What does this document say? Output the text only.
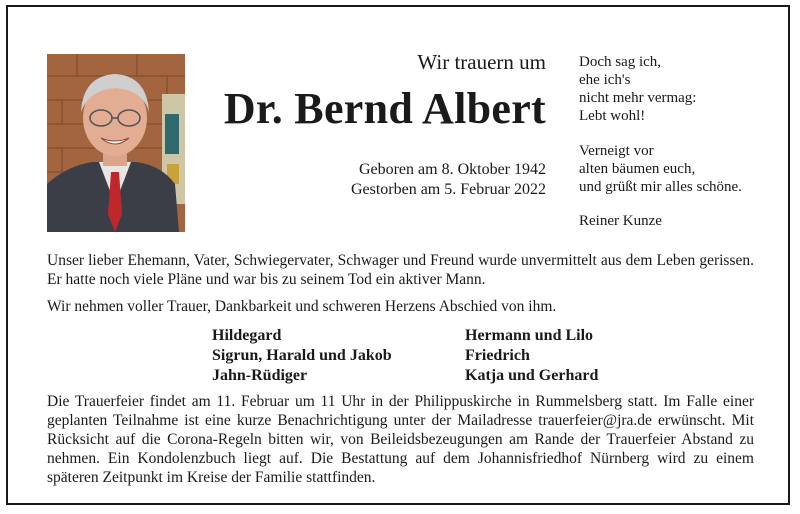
Wir trauern um
Dr. Bernd Albert
Geboren am 8. Oktober 1942
Gestorben am 5. Februar 2022
Doch sag ich,
ehe ich's
nicht mehr vermag:
Lebt wohl!
Verneigt vor
alten bäumen euch,
und grüßt mir alles schöne.
Reiner Kunze
Unser lieber Ehemann, Vater, Schwiegervater, Schwager und Freund wurde unvermittelt aus dem Leben gerissen. Er hatte noch viele Pläne und war bis zu seinem Tod ein aktiver Mann.
Wir nehmen voller Trauer, Dankbarkeit und schweren Herzens Abschied von ihm.
Hildegard
Sigrun, Harald und Jakob
Jahn-Rüdiger
Hermann und Lilo
Friedrich
Katja und Gerhard
Die Trauerfeier findet am 11. Februar um 11 Uhr in der Philippuskirche in Rummelsberg statt. Im Falle einer geplanten Teilnahme ist eine kurze Benachrichtigung unter der Mailadresse trauerfeier@jra.de erwünscht. Mit Rücksicht auf die Corona-Regeln bitten wir, von Beileidsbezeugungen am Rande der Trauerfeier Abstand zu nehmen. Ein Kondolenzbuch liegt auf. Die Bestattung auf dem Johannisfriedhof Nürnberg wird zu einem späteren Zeitpunkt im Kreise der Familie stattfinden.
